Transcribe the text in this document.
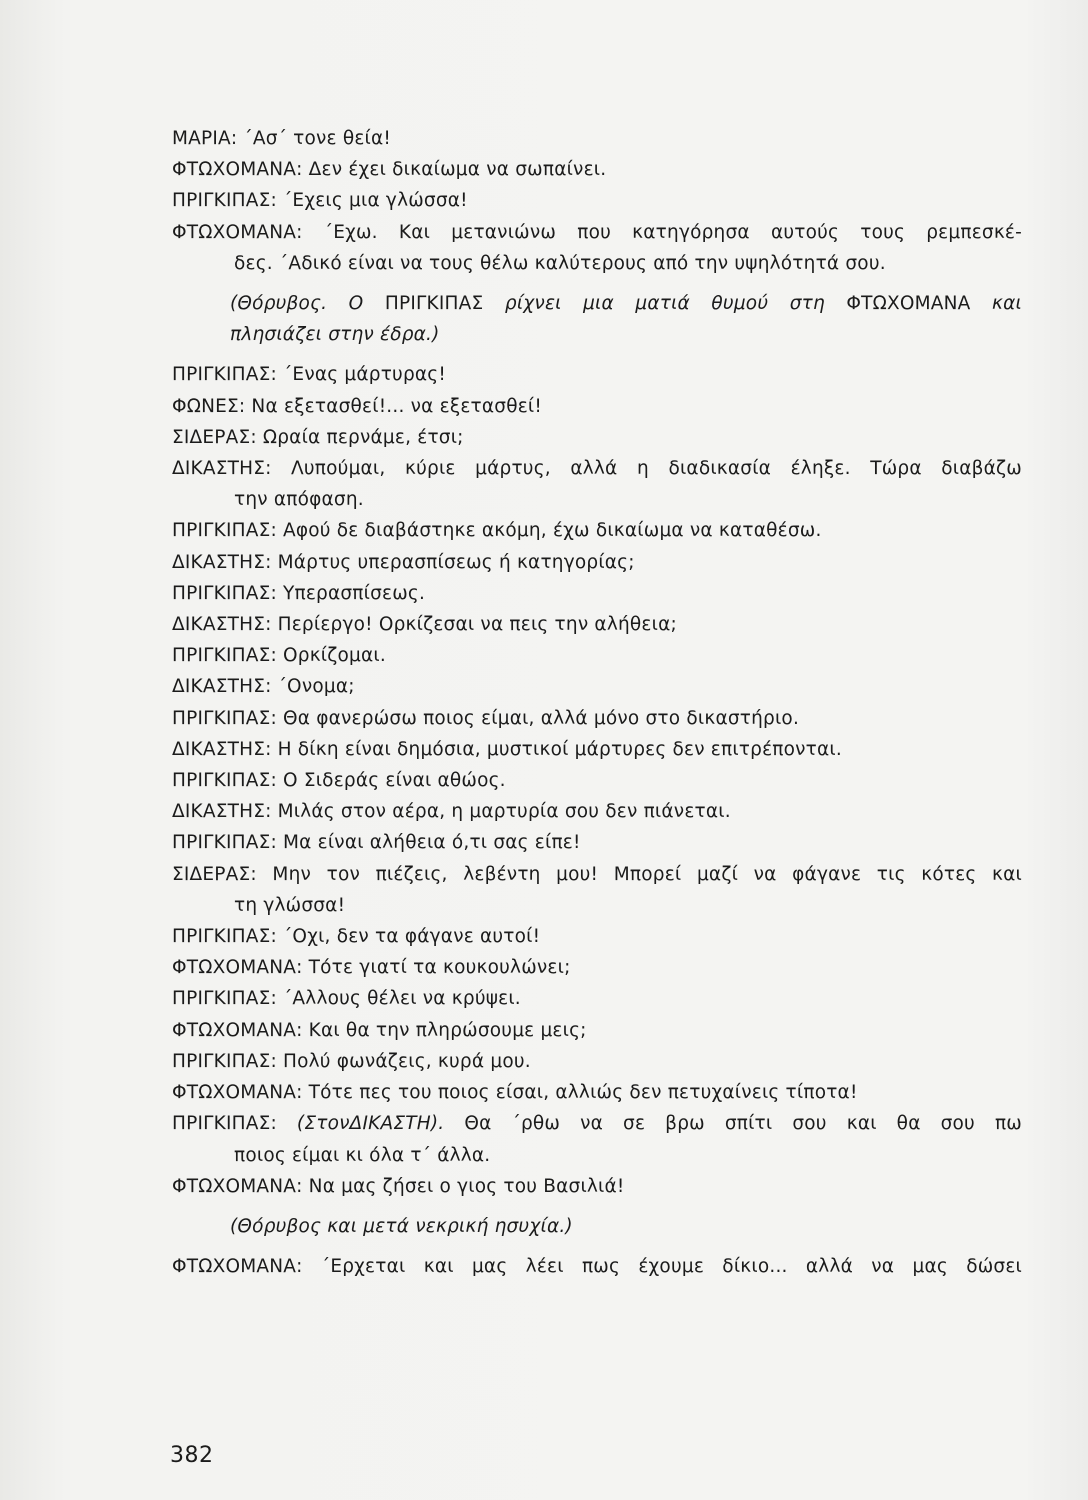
ΜΑΡΙΑ: ΄Ασ΄ τονε θεία!
ΦΤΩΧΟΜΑΝΑ: Δεν έχει δικαίωμα να σωπαίνει.
ΠΡΙΓΚΙΠΑΣ: ΄Εχεις μια γλώσσα!
ΦΤΩΧΟΜΑΝΑ: ΄Εχω. Και μετανιώνω που κατηγόρησα αυτούς τους ρεμπεσκέ-
δες. ΄Αδικό είναι να τους θέλω καλύτερους από την υψηλότητά σου.
(Θόρυβος. Ο ΠΡΙΓΚΙΠΑΣ ρίχνει μια ματιά θυμού στη ΦΤΩΧΟΜΑΝΑ και
πλησιάζει στην έδρα.)
ΠΡΙΓΚΙΠΑΣ: ΄Ενας μάρτυρας!
ΦΩΝΕΣ: Να εξετασθεί!... να εξετασθεί!
ΣΙΔΕΡΑΣ: Ωραία περνάμε, έτσι;
ΔΙΚΑΣΤΗΣ: Λυπούμαι, κύριε μάρτυς, αλλά η διαδικασία έληξε. Τώρα διαβάζω
την απόφαση.
ΠΡΙΓΚΙΠΑΣ: Αφού δε διαβάστηκε ακόμη, έχω δικαίωμα να καταθέσω.
ΔΙΚΑΣΤΗΣ: Μάρτυς υπερασπίσεως ή κατηγορίας;
ΠΡΙΓΚΙΠΑΣ: Υπερασπίσεως.
ΔΙΚΑΣΤΗΣ: Περίεργο! Ορκίζεσαι να πεις την αλήθεια;
ΠΡΙΓΚΙΠΑΣ: Ορκίζομαι.
ΔΙΚΑΣΤΗΣ: ΄Ονομα;
ΠΡΙΓΚΙΠΑΣ: Θα φανερώσω ποιος είμαι, αλλά μόνο στο δικαστήριο.
ΔΙΚΑΣΤΗΣ: Η δίκη είναι δημόσια, μυστικοί μάρτυρες δεν επιτρέπονται.
ΠΡΙΓΚΙΠΑΣ: Ο Σιδεράς είναι αθώος.
ΔΙΚΑΣΤΗΣ: Μιλάς στον αέρα, η μαρτυρία σου δεν πιάνεται.
ΠΡΙΓΚΙΠΑΣ: Μα είναι αλήθεια ό,τι σας είπε!
ΣΙΔΕΡΑΣ: Μην τον πιέζεις, λεβέντη μου! Μπορεί μαζί να φάγανε τις κότες και
τη γλώσσα!
ΠΡΙΓΚΙΠΑΣ: ΄Οχι, δεν τα φάγανε αυτοί!
ΦΤΩΧΟΜΑΝΑ: Τότε γιατί τα κουκουλώνει;
ΠΡΙΓΚΙΠΑΣ: ΄Αλλους θέλει να κρύψει.
ΦΤΩΧΟΜΑΝΑ: Και θα την πληρώσουμε μεις;
ΠΡΙΓΚΙΠΑΣ: Πολύ φωνάζεις, κυρά μου.
ΦΤΩΧΟΜΑΝΑ: Τότε πες του ποιος είσαι, αλλιώς δεν πετυχαίνεις τίποτα!
ΠΡΙΓΚΙΠΑΣ: (ΣτονΔΙΚΑΣΤΗ). Θα ΄ρθω να σε βρω σπίτι σου και θα σου πω
ποιος είμαι κι όλα τ΄ άλλα.
ΦΤΩΧΟΜΑΝΑ: Να μας ζήσει ο γιος του Βασιλιά!
(Θόρυβος και μετά νεκρική ησυχία.)
ΦΤΩΧΟΜΑΝΑ: ΄Ερχεται και μας λέει πως έχουμε δίκιο... αλλά να μας δώσει
382
